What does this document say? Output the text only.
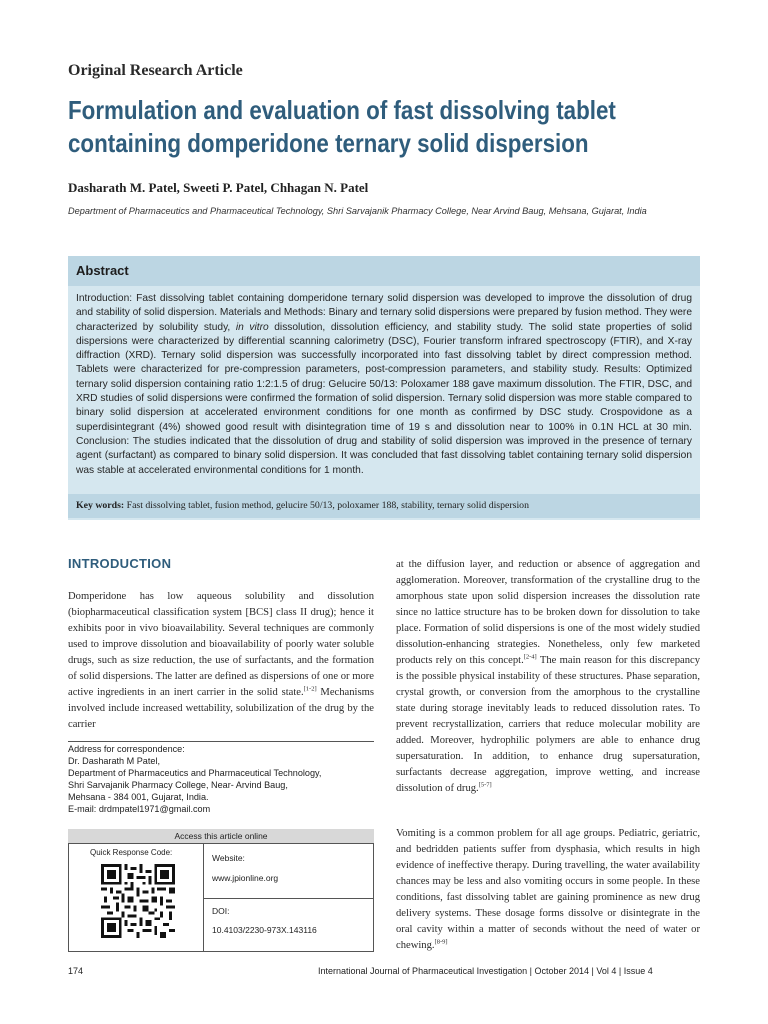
Original Research Article
Formulation and evaluation of fast dissolving tablet
containing domperidone ternary solid dispersion
Dasharath M. Patel, Sweeti P. Patel, Chhagan N. Patel
Department of Pharmaceutics and Pharmaceutical Technology, Shri Sarvajanik Pharmacy College, Near Arvind Baug, Mehsana, Gujarat, India
Abstract
Introduction: Fast dissolving tablet containing domperidone ternary solid dispersion was developed to improve the dissolution of drug and stability of solid dispersion. Materials and Methods: Binary and ternary solid dispersions were prepared by fusion method. They were characterized by solubility study, in vitro dissolution, dissolution efficiency, and stability study. The solid state properties of solid dispersions were characterized by differential scanning calorimetry (DSC), Fourier transform infrared spectroscopy (FTIR), and X-ray diffraction (XRD). Ternary solid dispersion was successfully incorporated into fast dissolving tablet by direct compression method. Tablets were characterized for pre-compression parameters, post-compression parameters, and stability study. Results: Optimized ternary solid dispersion containing ratio 1:2:1.5 of drug: Gelucire 50/13: Poloxamer 188 gave maximum dissolution. The FTIR, DSC, and XRD studies of solid dispersions were confirmed the formation of solid dispersion. Ternary solid dispersion was more stable compared to binary solid dispersion at accelerated environment conditions for one month as confirmed by DSC study. Crospovidone as a superdisintegrant (4%) showed good result with disintegration time of 19 s and dissolution near to 100% in 0.1N HCL at 30 min. Conclusion: The studies indicated that the dissolution of drug and stability of solid dispersion was improved in the presence of ternary agent (surfactant) as compared to binary solid dispersion. It was concluded that fast dissolving tablet containing ternary solid dispersion was stable at accelerated environmental conditions for 1 month.
Key words: Fast dissolving tablet, fusion method, gelucire 50/13, poloxamer 188, stability, ternary solid dispersion
INTRODUCTION
Domperidone has low aqueous solubility and dissolution (biopharmaceutical classification system [BCS] class II drug); hence it exhibits poor in vivo bioavailability. Several techniques are commonly used to improve dissolution and bioavailability of poorly water soluble drugs, such as size reduction, the use of surfactants, and the formation of solid dispersions. The latter are defined as dispersions of one or more active ingredients in an inert carrier in the solid state.[1-2] Mechanisms involved include increased wettability, solubilization of the drug by the carrier
at the diffusion layer, and reduction or absence of aggregation and agglomeration. Moreover, transformation of the crystalline drug to the amorphous state upon solid dispersion increases the dissolution rate since no lattice structure has to be broken down for dissolution to take place. Formation of solid dispersions is one of the most widely studied dissolution-enhancing strategies. Nonetheless, only few marketed products rely on this concept.[2-4] The main reason for this discrepancy is the possible physical instability of these structures. Phase separation, crystal growth, or conversion from the amorphous to the crystalline state during storage inevitably leads to reduced dissolution rates. To prevent recrystallization, carriers that reduce molecular mobility are added. Moreover, hydrophilic polymers are able to enhance drug supersaturation. In addition, to enhance drug supersaturation, surfactants decrease aggregation, improve wetting, and increase dissolution of drug.[5-7]
Vomiting is a common problem for all age groups. Pediatric, geriatric, and bedridden patients suffer from dysphasia, which results in high evidence of ineffective therapy. During travelling, the water availability chances may be less and also vomiting occurs in some people. In these conditions, fast dissolving tablet are gaining prominence as new drug delivery systems. These dosage forms dissolve or disintegrate in the oral cavity within a matter of seconds without the need of water or chewing.[8-9]
Address for correspondence:
Dr. Dasharath M Patel,
Department of Pharmaceutics and Pharmaceutical Technology,
Shri Sarvajanik Pharmacy College, Near- Arvind Baug,
Mehsana - 384 001, Gujarat, India.
E-mail: drdmpatel1971@gmail.com
Access this article online
Quick Response Code:
Website:
www.jpionline.org
DOI:
10.4103/2230-973X.143116
174	International Journal of Pharmaceutical Investigation | October 2014 | Vol 4 | Issue 4
